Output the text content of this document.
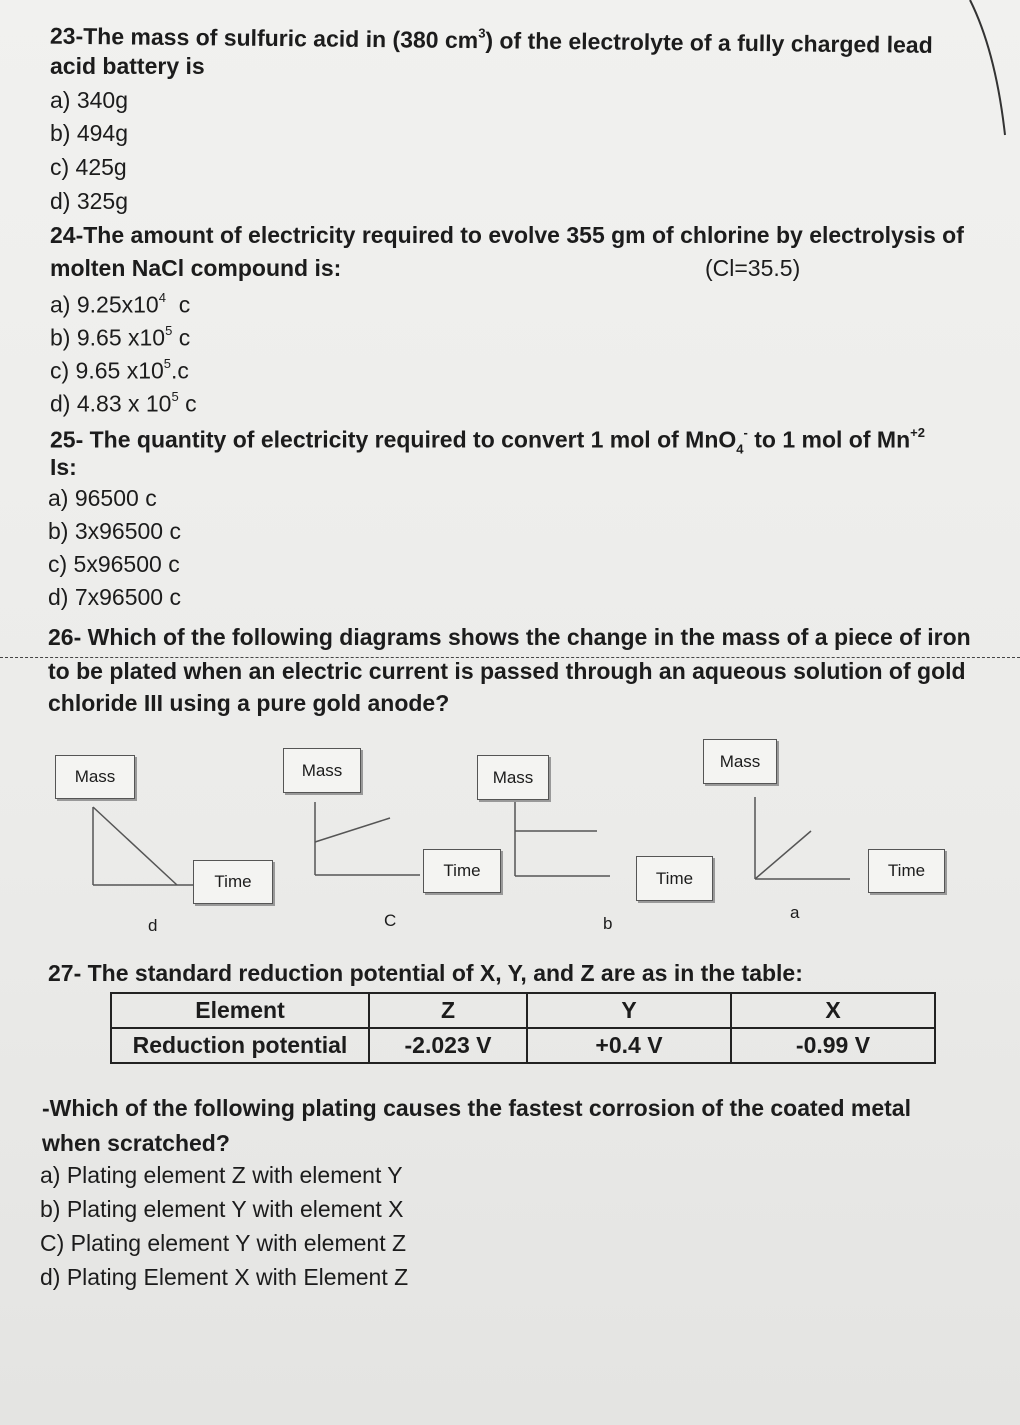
23-The mass of sulfuric acid in (380 $cm^3$) of the electrolyte of a fully charged lead
acid battery is
a) 340g
b) 494g
c) 425g
d) 325g
24-The amount of electricity required to evolve 355 gm of chlorine by electrolysis of
molten NaCl compound is:	(Cl=35.5)
a) $9.25x10^4$  c
b) 9.65 $x10^5$ c
c) 9.65 $x10^5.c$
d) 4.83 x $10^5$ c
25- The quantity of electricity required to convert 1 mol of MnO$_4$- to 1 mol of $Mn^{+2}$
Is:
a) 96500 c
b) 3x96500 c
c) 5x96500 c
d) 7x96500 c
26- Which of the following diagrams shows the change in the mass of a piece of iron
to be plated when an electric current is passed through an aqueous solution of gold
chloride III using a pure gold anode?
Mass
Time
d
Mass
Time
C
Mass
Time
b
Mass
Time
a
27- The standard reduction potential of X, Y, and Z are as in the table:
Element	Z	Y	X
Reduction potential	-2.023 V	+0.4 V	-0.99 V
-Which of the following plating causes the fastest corrosion of the coated metal
when scratched?
a) Plating element Z with element Y
b) Plating element Y with element X
C) Plating element Y with element Z
d) Plating Element X with Element Z
